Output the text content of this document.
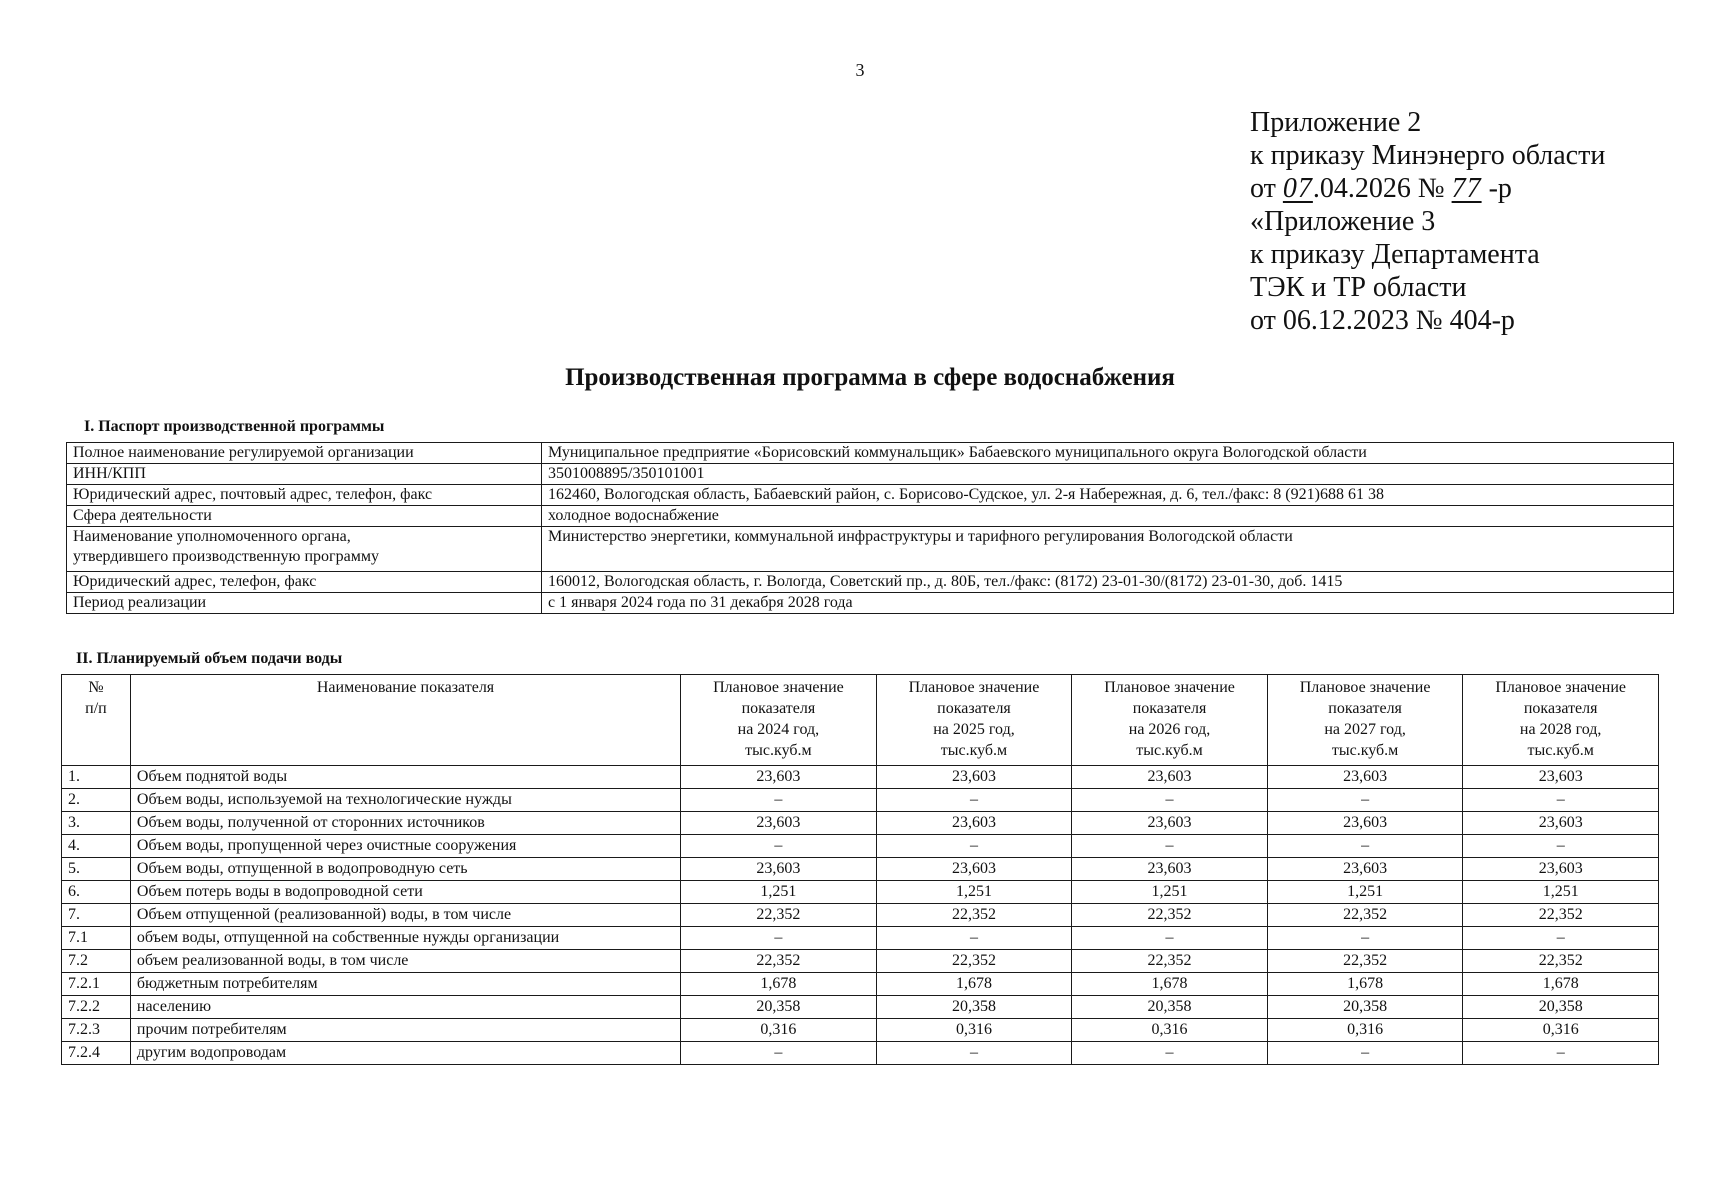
3
Приложение 2
к приказу Минэнерго области
от 07.04.2026 № 77 -р
«Приложение 3
к приказу Департамента
ТЭК и ТР области
от 06.12.2023 № 404-р
Производственная программа в сфере водоснабжения
I. Паспорт производственной программы
Полное наименование регулируемой организации	Муниципальное предприятие «Борисовский коммунальщик» Бабаевского муниципального округа Вологодской области
ИНН/КПП	3501008895/350101001
Юридический адрес, почтовый адрес, телефон, факс	162460, Вологодская область, Бабаевский район, с. Борисово-Судское, ул. 2-я Набережная, д. 6, тел./факс: 8 (921)688 61 38
Сфера деятельности	холодное водоснабжение
Наименование уполномоченного органа,
утвердившего производственную программу	Министерство энергетики, коммунальной инфраструктуры и тарифного регулирования Вологодской области
Юридический адрес, телефон, факс	160012, Вологодская область, г. Вологда, Советский пр., д. 80Б, тел./факс: (8172) 23-01-30/(8172) 23-01-30, доб. 1415
Период реализации	с 1 января 2024 года по 31 декабря 2028 года
II. Планируемый объем подачи воды
№
п/п	Наименование показателя	Плановое значение
показателя
на 2024 год,
тыс.куб.м	Плановое значение
показателя
на 2025 год,
тыс.куб.м	Плановое значение
показателя
на 2026 год,
тыс.куб.м	Плановое значение
показателя
на 2027 год,
тыс.куб.м	Плановое значение
показателя
на 2028 год,
тыс.куб.м
1.	Объем поднятой воды	23,603	23,603	23,603	23,603	23,603
2.	Объем воды, используемой на технологические нужды	–	–	–	–	–
3.	Объем воды, полученной от сторонних источников	23,603	23,603	23,603	23,603	23,603
4.	Объем воды, пропущенной через очистные сооружения	–	–	–	–	–
5.	Объем воды, отпущенной в водопроводную сеть	23,603	23,603	23,603	23,603	23,603
6.	Объем потерь воды в водопроводной сети	1,251	1,251	1,251	1,251	1,251
7.	Объем отпущенной (реализованной) воды, в том числе	22,352	22,352	22,352	22,352	22,352
7.1	объем воды, отпущенной на собственные нужды организации	–	–	–	–	–
7.2	объем реализованной воды, в том числе	22,352	22,352	22,352	22,352	22,352
7.2.1	бюджетным потребителям	1,678	1,678	1,678	1,678	1,678
7.2.2	населению	20,358	20,358	20,358	20,358	20,358
7.2.3	прочим потребителям	0,316	0,316	0,316	0,316	0,316
7.2.4	другим водопроводам	–	–	–	–	–
